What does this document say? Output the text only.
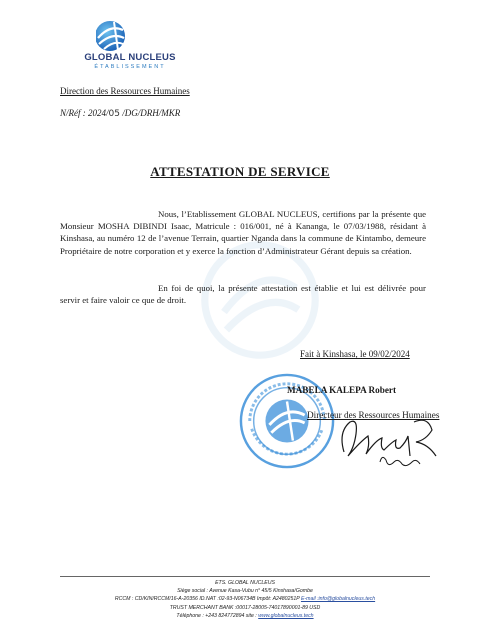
GLOBAL NUCLEUS
ÉTABLISSEMENT
Direction des Ressources Humaines
N/Réf : 2024/05 /DG/DRH/MKR
ATTESTATION DE SERVICE
Nous, l’Etablissement GLOBAL NUCLEUS, certifions par la présente que Monsieur MOSHA DIBINDI Isaac, Matricule : 016/001, né à Kananga, le 07/03/1988, résidant à Kinshasa, au numéro 12 de l’avenue Terrain, quartier Nganda dans la commune de Kintambo, demeure Propriétaire de notre corporation et y exerce la fonction d’Administrateur Gérant depuis sa création.
En foi de quoi, la présente attestation est établie et lui est délivrée pour servir et faire valoir ce que de droit.
Fait à Kinshasa, le 09/02/2024
MABELA KALEPA Robert
Directeur des Ressources Humaines
ETS. GLOBAL NUCLEUS
Siège social : Avenue Kasa-Vubu n° 45/5 Kinshasa/Gombe
RCCM : CD/KIN/RCCM/16-A-20356 ID.NAT :02-93-N06734B Impôt: A2480251P E-mail :info@globalnucleus.tech
TRUST MERCHANT BANK :00017-28005-74017890001-89 USD
Téléphone : +243 824772894 site : www.globalnucleus.tech
